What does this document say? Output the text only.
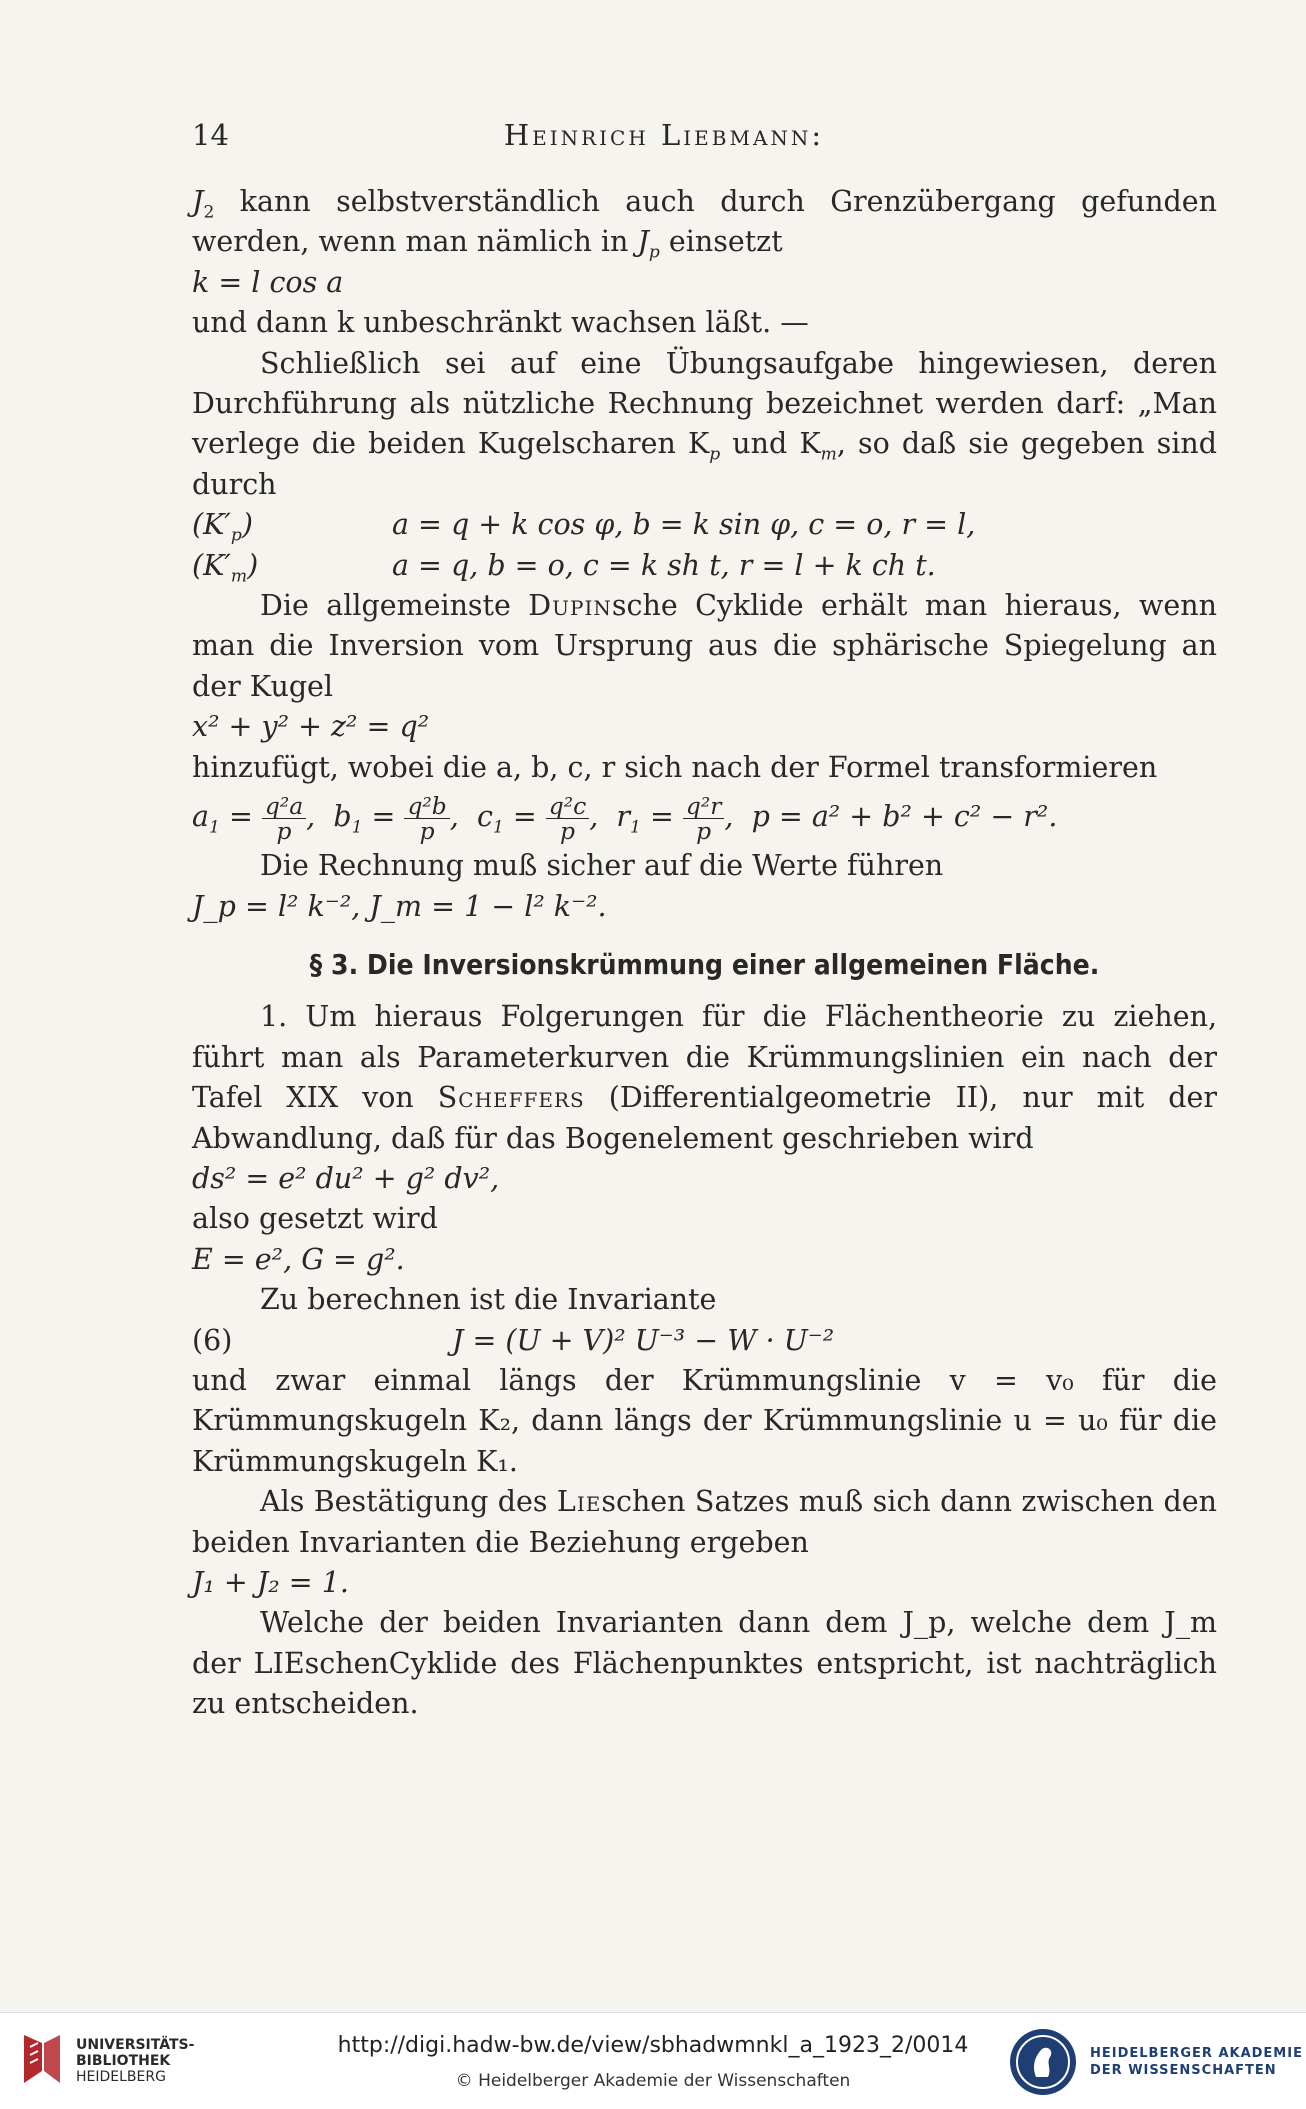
14	Heinrich Liebmann:

$J_2$ kann selbstverständlich auch durch Grenzübergang gefunden werden, wenn man nämlich in $J_p$ einsetzt

k = l cos a

und dann k unbeschränkt wachsen läßt. —

Schließlich sei auf eine Übungsaufgabe hingewiesen, deren Durchführung als nützliche Rechnung bezeichnet werden darf: „Man verlege die beiden Kugelscharen $K_p$ und $K_m$, so daß sie gegeben sind durch

$(K'_p)$	a = q + k cos φ, b = k sin φ, c = o, r = l,
$(K'_m)$	a = q, b = o, c = k sh t, r = l + k ch t.

Die allgemeinste Dupinsche Cyklide erhält man hieraus, wenn man die Inversion vom Ursprung aus die sphärische Spiegelung an der Kugel

x² + y² + z² = q²

hinzufügt, wobei die a, b, c, r sich nach der Formel transformieren

$a_1 = \frac{\text{q²a}}{p}$ ,  $b_1 = \frac{\text{q²b}}{p}$ ,  $c_1 = \frac{\text{q²c}}{p}$ ,  $r_1 = \frac{\text{q²r}}{p}$ ,  p = a² + b² + c² − r².

Die Rechnung muß sicher auf die Werte führen

J_p = l² k⁻², J_m = 1 − l² k⁻².

§ 3. Die Inversionskrümmung einer allgemeinen Fläche.

1. Um hieraus Folgerungen für die Flächentheorie zu ziehen, führt man als Parameterkurven die Krümmungslinien ein nach der Tafel XIX von Scheffers (Differentialgeometrie II), nur mit der Abwandlung, daß für das Bogenelement geschrieben wird

ds² = e² du² + g² dv²,

also gesetzt wird

E = e², G = g².

Zu berechnen ist die Invariante

(6)	J = (U + V)² U⁻³ − W · U⁻²

und zwar einmal längs der Krümmungslinie v = v₀ für die Krümmungskugeln K₂, dann längs der Krümmungslinie u = u₀ für die Krümmungskugeln K₁.

Als Bestätigung des Lieschen Satzes muß sich dann zwischen den beiden Invarianten die Beziehung ergeben

J₁ + J₂ = 1.

Welche der beiden Invarianten dann dem J_p, welche dem J_m der LIEschenCyklide des Flächenpunktes entspricht, ist nachträglich zu entscheiden.

UNIVERSITÄTS-
BIBLIOTHEK
HEIDELBERG
http://digi.hadw-bw.de/view/sbhadwmnkl_a_1923_2/0014
© Heidelberger Akademie der Wissenschaften
HEIDELBERGER AKADEMIE
DER WISSENSCHAFTEN
